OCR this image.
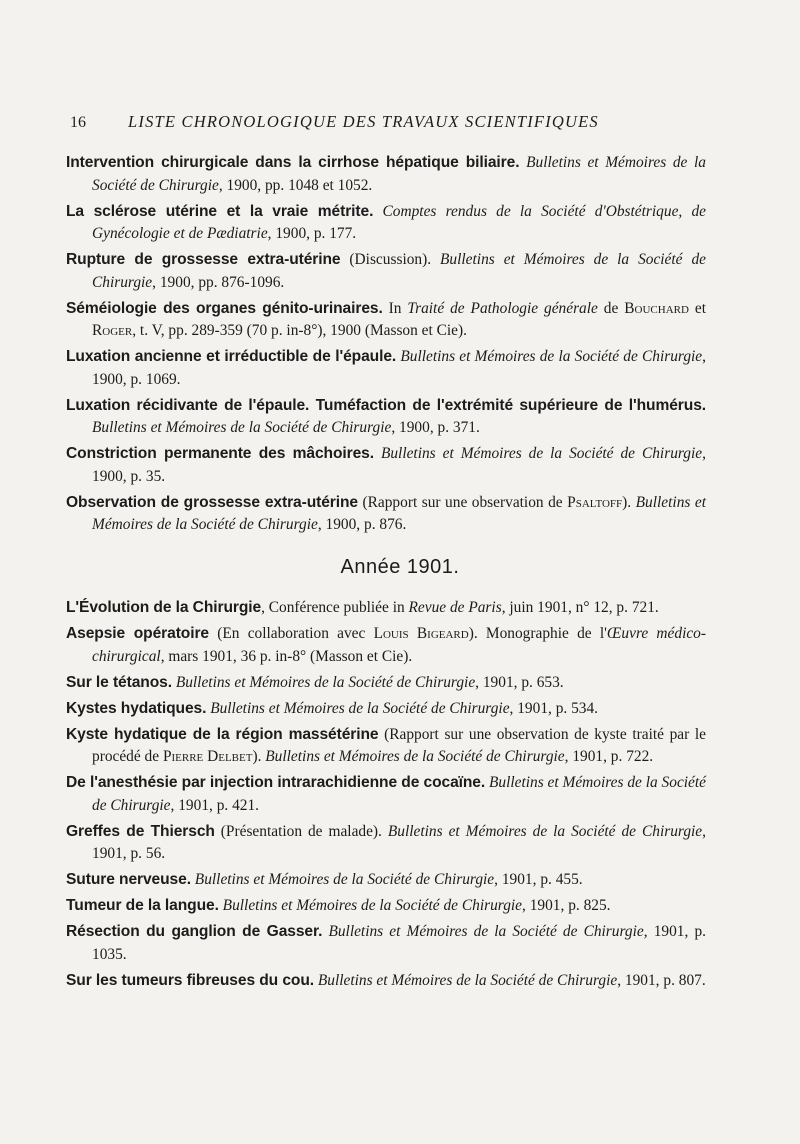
16	LISTE CHRONOLOGIQUE DES TRAVAUX SCIENTIFIQUES

Intervention chirurgicale dans la cirrhose hépatique biliaire. Bulletins et Mémoires de la Société de Chirurgie, 1900, pp. 1048 et 1052.

La sclérose utérine et la vraie métrite. Comptes rendus de la Société d'Obstétrique, de Gynécologie et de Pædiatrie, 1900, p. 177.

Rupture de grossesse extra-utérine (Discussion). Bulletins et Mémoires de la Société de Chirurgie, 1900, pp. 876-1096.

Séméiologie des organes génito-urinaires. In Traité de Pathologie générale de Bouchard et Roger, t. V, pp. 289-359 (70 p. in-8°), 1900 (Masson et Cie).

Luxation ancienne et irréductible de l'épaule. Bulletins et Mémoires de la Société de Chirurgie, 1900, p. 1069.

Luxation récidivante de l'épaule. Tuméfaction de l'extrémité supérieure de l'humérus. Bulletins et Mémoires de la Société de Chirurgie, 1900, p. 371.

Constriction permanente des mâchoires. Bulletins et Mémoires de la Société de Chirurgie, 1900, p. 35.

Observation de grossesse extra-utérine (Rapport sur une observation de Psaltoff). Bulletins et Mémoires de la Société de Chirurgie, 1900, p. 876.

Année 1901.

L'Évolution de la Chirurgie, Conférence publiée in Revue de Paris, juin 1901, n° 12, p. 721.

Asepsie opératoire (En collaboration avec Louis Bigeard). Monographie de l'Œuvre médico-chirurgical, mars 1901, 36 p. in-8° (Masson et Cie).

Sur le tétanos. Bulletins et Mémoires de la Société de Chirurgie, 1901, p. 653.

Kystes hydatiques. Bulletins et Mémoires de la Société de Chirurgie, 1901, p. 534.

Kyste hydatique de la région massétérine (Rapport sur une observation de kyste traité par le procédé de Pierre Delbet). Bulletins et Mémoires de la Société de Chirurgie, 1901, p. 722.

De l'anesthésie par injection intrarachidienne de cocaïne. Bulletins et Mémoires de la Société de Chirurgie, 1901, p. 421.

Greffes de Thiersch (Présentation de malade). Bulletins et Mémoires de la Société de Chirurgie, 1901, p. 56.

Suture nerveuse. Bulletins et Mémoires de la Société de Chirurgie, 1901, p. 455.

Tumeur de la langue. Bulletins et Mémoires de la Société de Chirurgie, 1901, p. 825.

Résection du ganglion de Gasser. Bulletins et Mémoires de la Société de Chirurgie, 1901, p. 1035.

Sur les tumeurs fibreuses du cou. Bulletins et Mémoires de la Société de Chirurgie, 1901, p. 807.
